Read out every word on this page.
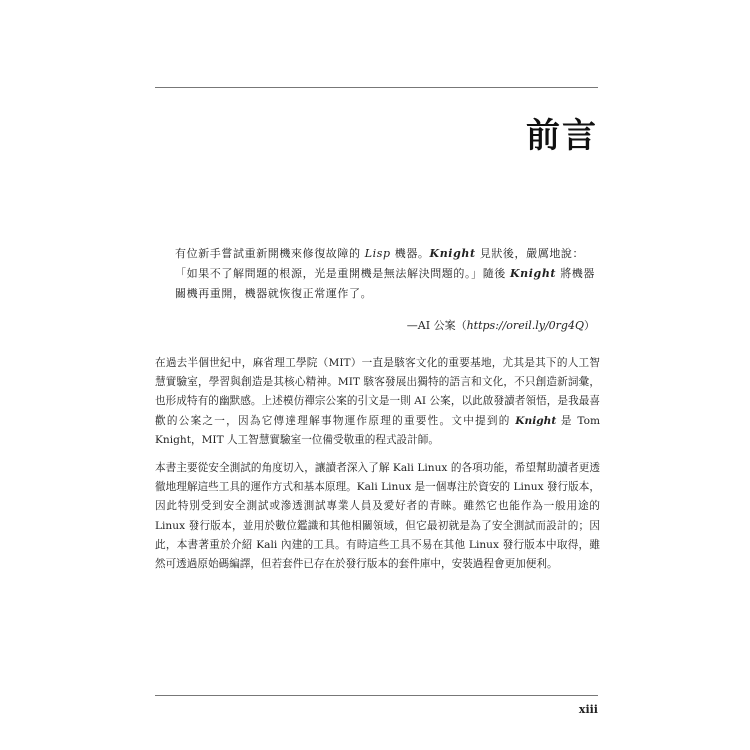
前言

有位新手嘗試重新開機來修復故障的 Lisp 機器。Knight 見狀後，嚴厲地說：「如果不了解問題的根源，光是重開機是無法解決問題的。」隨後 Knight 將機器關機再重開，機器就恢復正常運作了。

—AI 公案（https://oreil.ly/0rg4Q）

在過去半個世紀中，麻省理工學院（MIT）一直是駭客文化的重要基地，尤其是其下的人工智慧實驗室，學習與創造是其核心精神。MIT 駭客發展出獨特的語言和文化，不只創造新詞彙，也形成特有的幽默感。上述模仿禪宗公案的引文是一則 AI 公案，以此啟發讀者領悟，是我最喜歡的公案之一，因為它傳達理解事物運作原理的重要性。文中提到的 Knight 是 Tom Knight，MIT 人工智慧實驗室一位備受敬重的程式設計師。

本書主要從安全測試的角度切入，讓讀者深入了解 Kali Linux 的各項功能，希望幫助讀者更透徹地理解這些工具的運作方式和基本原理。Kali Linux 是一個專注於資安的 Linux 發行版本，因此特別受到安全測試或滲透測試專業人員及愛好者的青睞。雖然它也能作為一般用途的 Linux 發行版本，並用於數位鑑識和其他相關領域，但它最初就是為了安全測試而設計的；因此，本書著重於介紹 Kali 內建的工具。有時這些工具不易在其他 Linux 發行版本中取得，雖然可透過原始碼編譯，但若套件已存在於發行版本的套件庫中，安裝過程會更加便利。

xiii
